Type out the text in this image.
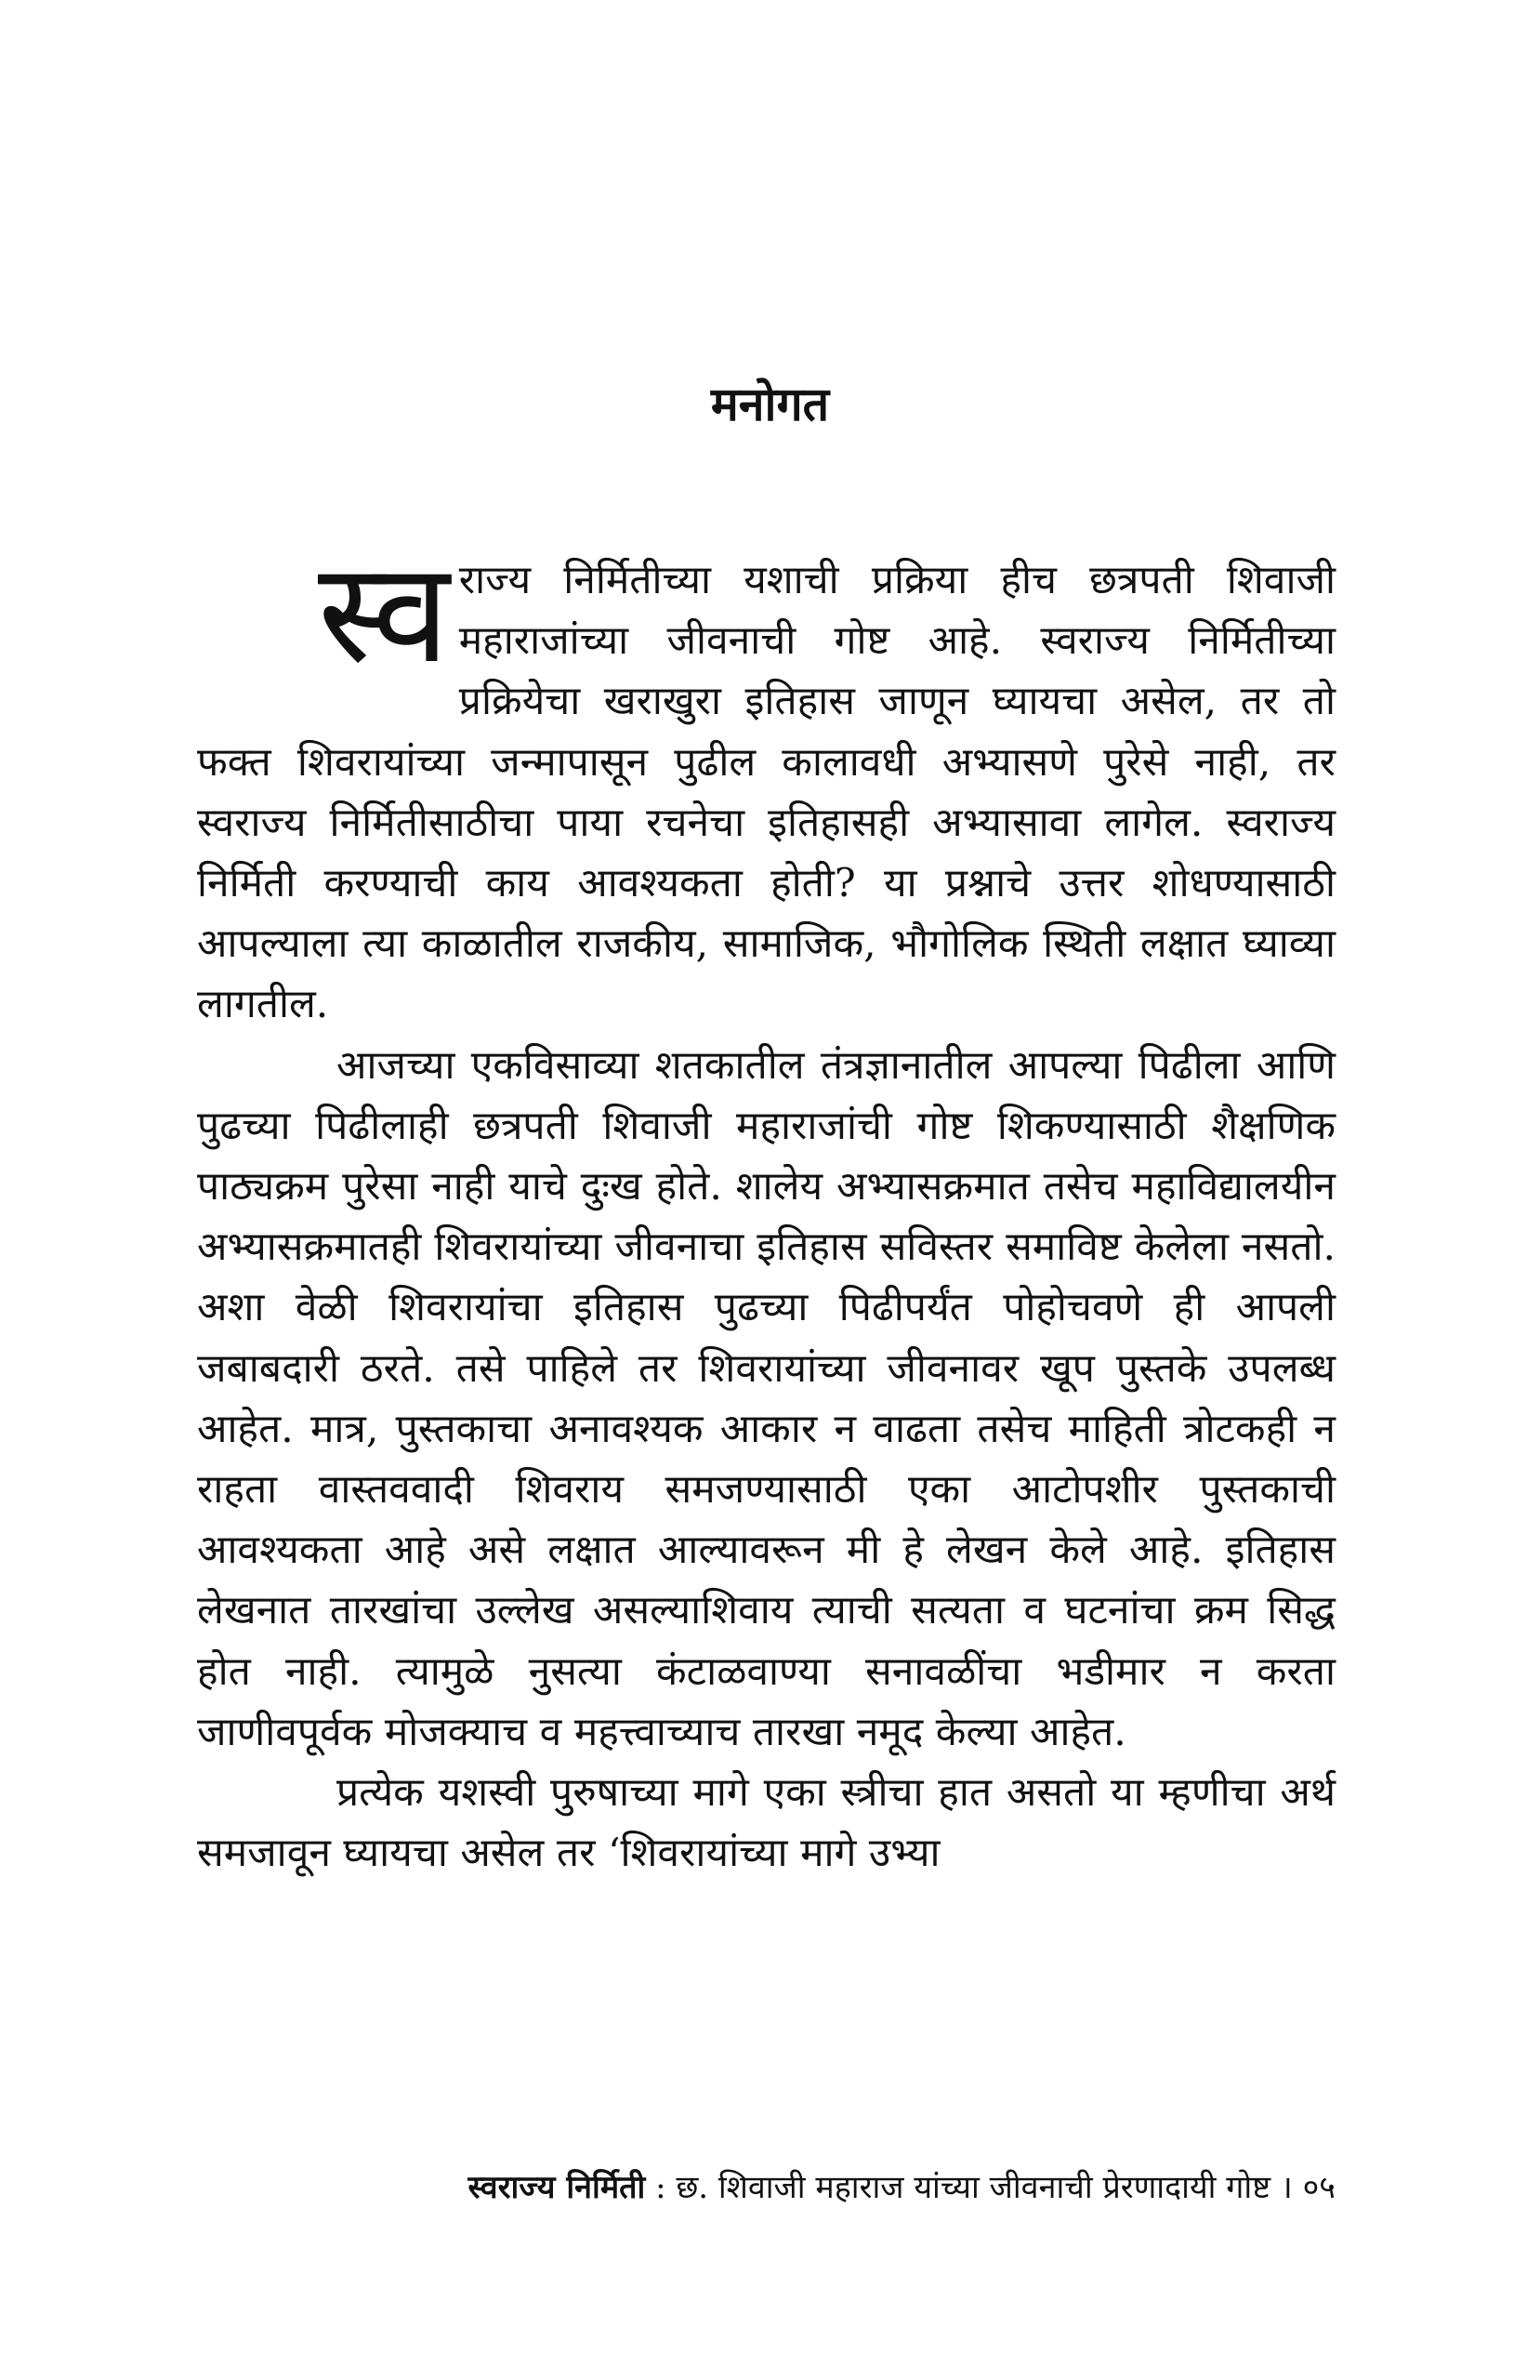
मनोगत

स्व राज्य निर्मितीच्या यशाची प्रक्रिया हीच छत्रपती शिवाजी महाराजांच्या जीवनाची गोष्ट आहे. स्वराज्य निर्मितीच्या प्रक्रियेचा खराखुरा इतिहास जाणून घ्यायचा असेल, तर तो फक्त शिवरायांच्या जन्मापासून पुढील कालावधी अभ्यासणे पुरेसे नाही, तर स्वराज्य निर्मितीसाठीचा पाया रचनेचा इतिहासही अभ्यासावा लागेल. स्वराज्य निर्मिती करण्याची काय आवश्यकता होती? या प्रश्नाचे उत्तर शोधण्यासाठी आपल्याला त्या काळातील राजकीय, सामाजिक, भौगोलिक स्थिती लक्षात घ्याव्या लागतील.

आजच्या एकविसाव्या शतकातील तंत्रज्ञानातील आपल्या पिढीला आणि पुढच्या पिढीलाही छत्रपती शिवाजी महाराजांची गोष्ट शिकण्यासाठी शैक्षणिक पाठ्यक्रम पुरेसा नाही याचे दुःख होते. शालेय अभ्यासक्रमात तसेच महाविद्यालयीन अभ्यासक्रमातही शिवरायांच्या जीवनाचा इतिहास सविस्तर समाविष्ट केलेला नसतो. अशा वेळी शिवरायांचा इतिहास पुढच्या पिढीपर्यंत पोहोचवणे ही आपली जबाबदारी ठरते. तसे पाहिले तर शिवरायांच्या जीवनावर खूप पुस्तके उपलब्ध आहेत. मात्र, पुस्तकाचा अनावश्यक आकार न वाढता तसेच माहिती त्रोटकही न राहता वास्तववादी शिवराय समजण्यासाठी एका आटोपशीर पुस्तकाची आवश्यकता आहे असे लक्षात आल्यावरून मी हे लेखन केले आहे. इतिहास लेखनात तारखांचा उल्लेख असल्याशिवाय त्याची सत्यता व घटनांचा क्रम सिद्ध होत नाही. त्यामुळे नुसत्या कंटाळवाण्या सनावळींचा भडीमार न करता जाणीवपूर्वक मोजक्याच व महत्त्वाच्याच तारखा नमूद केल्या आहेत.

प्रत्येक यशस्वी पुरुषाच्या मागे एका स्त्रीचा हात असतो या म्हणीचा अर्थ समजावून घ्यायचा असेल तर ‘शिवरायांच्या मागे उभ्या

स्वराज्य निर्मिती : छ. शिवाजी महाराज यांच्या जीवनाची प्रेरणादायी गोष्ट । ०५
